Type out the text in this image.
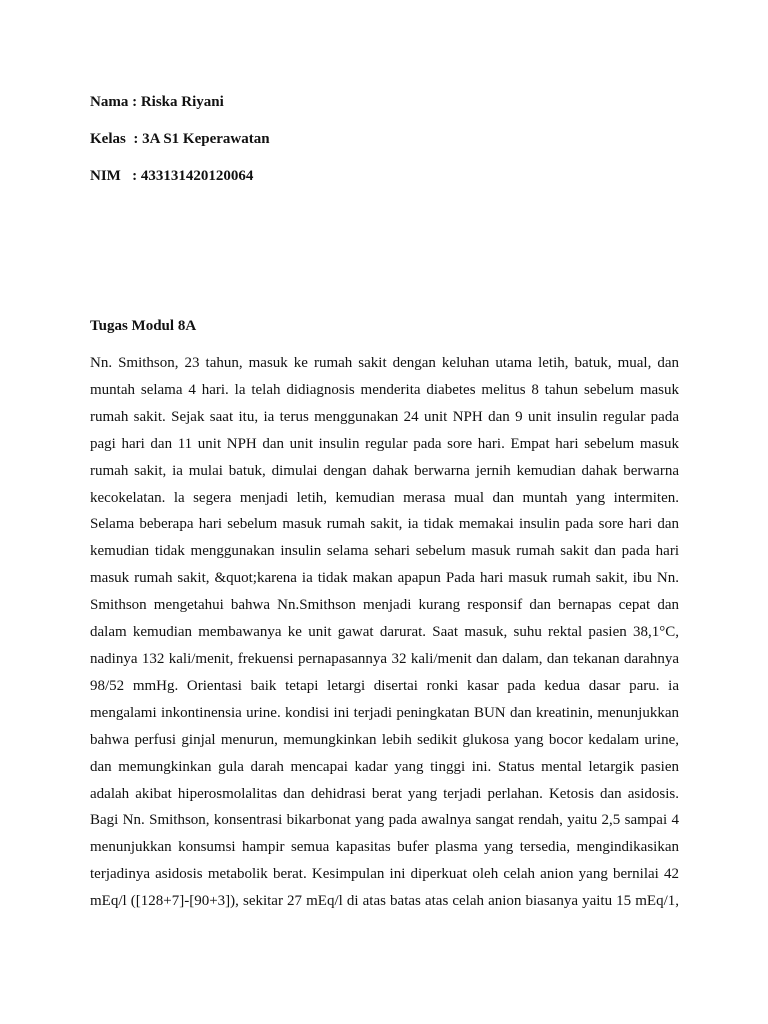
Nama : Riska Riyani
Kelas  : 3A S1 Keperawatan
NIM   : 433131420120064
Tugas Modul 8A
Nn. Smithson, 23 tahun, masuk ke rumah sakit dengan keluhan utama letih, batuk, mual, dan
muntah selama 4 hari. la telah didiagnosis menderita diabetes melitus 8 tahun sebelum masuk
rumah sakit. Sejak saat itu, ia terus menggunakan 24 unit NPH dan 9 unit insulin regular pada
pagi hari dan 11 unit NPH dan unit insulin regular pada sore hari. Empat hari sebelum masuk
rumah sakit, ia mulai batuk, dimulai dengan dahak berwarna jernih kemudian dahak berwarna
kecokelatan. la segera menjadi letih, kemudian merasa mual dan muntah yang intermiten.
Selama beberapa hari sebelum masuk rumah sakit, ia tidak memakai insulin pada sore hari dan
kemudian tidak menggunakan insulin selama sehari sebelum masuk rumah sakit dan pada hari
masuk rumah sakit, &quot;karena ia tidak makan apapun Pada hari masuk rumah sakit, ibu Nn.
Smithson mengetahui bahwa Nn.Smithson menjadi kurang responsif dan bernapas cepat dan
dalam kemudian membawanya ke unit gawat darurat. Saat masuk, suhu rektal pasien 38,1°C,
nadinya 132 kali/menit, frekuensi pernapasannya 32 kali/menit dan dalam, dan tekanan darahnya
98/52 mmHg. Orientasi baik tetapi letargi disertai ronki kasar pada kedua dasar paru. ia
mengalami inkontinensia urine. kondisi ini terjadi peningkatan BUN dan kreatinin, menunjukkan
bahwa perfusi ginjal menurun, memungkinkan lebih sedikit glukosa yang bocor kedalam urine,
dan memungkinkan gula darah mencapai kadar yang tinggi ini. Status mental letargik pasien
adalah akibat hiperosmolalitas dan dehidrasi berat yang terjadi perlahan. Ketosis dan asidosis.
Bagi Nn. Smithson, konsentrasi bikarbonat yang pada awalnya sangat rendah, yaitu 2,5 sampai 4
menunjukkan konsumsi hampir semua kapasitas bufer plasma yang tersedia, mengindikasikan
terjadinya asidosis metabolik berat. Kesimpulan ini diperkuat oleh celah anion yang bernilai 42
mEq/l ([128+7]-[90+3]), sekitar 27 mEq/l di atas batas atas celah anion biasanya yaitu 15 mEq/1,
